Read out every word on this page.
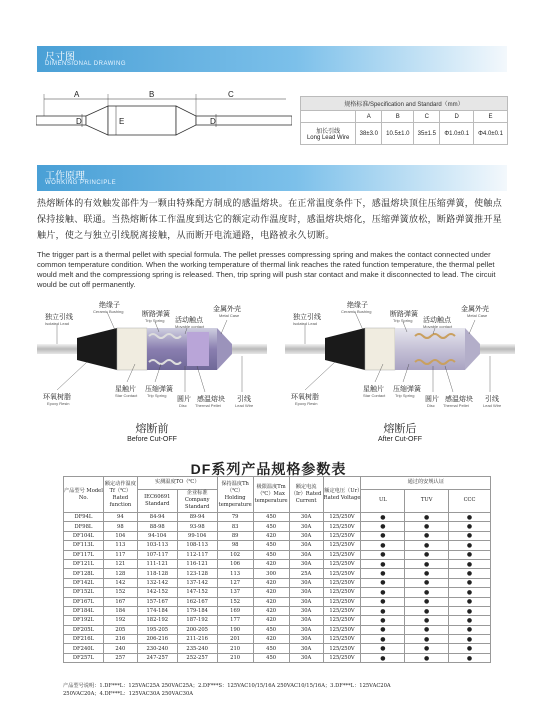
尺寸图
DIMENSIONAL DRAWING
A	B	C
D	D
E
规格标准/Specification and Standard（mm）
	A	B	C	D	E

加长引线
Long Lead Wire	38±3.0	10.5±1.0	35±1.5	Φ1.0±0.1	Φ4.0±0.1
工作原理
WORKING PRINCIPLE

热熔断体的有效触发部件为一颗由特殊配方制成的感温熔块。在正常温度条件下，感温熔块顶住压缩弹簧，使触点保持接触、联通。当热熔断体工作温度到达它的额定动作温度时，感温熔块熔化，压缩弹簧放松，断路弹簧推开星触片，使之与独立引线脱离接触，从而断开电流通路，电路被永久切断。

The trigger part is a thermal pellet with special formula. The pellet presses compressing spring and makes the contact connected under common temperature condition. When the working temperature of thermal link reaches the rated function temperature, the thermal pellet would melt and the compressiong spring is released. Then, trip spring will push star contact and make it disconnected to lead. The circuit would be cut off permanently.

独立引线
Isolated Lead
绝缘子
Ceramic Bushing	断路弹簧
Trip Spring 活动触点
Movable contact
金属外壳
Metal Case
环氧树脂
Epoxy Resin
星触片
Star Contact
压缩弹簧
Trip Spring
圆片
Disc
感温熔块
Thermal Pellet
引线
Lead Wire
熔断前
Before Cut-OFF
独立引线
Isolated Lead
绝缘子
Ceramic Bushing	断路弹簧
Trip Spring 活动触点
Movable contact
金属外壳
Metal Case
环氧树脂
Epoxy Resin
星触片
Star Contact
压缩弹簧
Trip Spring
圆片
Disc
感温熔块
Thermal Pellet
引线
Lead Wire
熔断后
After Cut-OFF
DF系列产品规格参数表
产品型号 Model No.	额定动作温度Tf（℃）Rated function	实测温度TO（℃）		保持温度Th（℃）Holding temperature	极限温度Tm（℃）Max temperature	额定电流（Ir）Rated Current	额定电压（Ur）Rated Voltage	通过的安规认证		
		IEC60691 Standard	企业标准 Company Standard					UL	TUV	CCC
DF94L	94	84-94	89-94	79	450	30A	125/250V	●	●	●
DF98L	98	88-98	93-98	83	450	30A	125/250V	●	●	●
DF104L	104	94-104	99-104	89	420	30A	125/250V	●	●	●
DF113L	113	103-113	108-113	98	450	30A	125/250V	●	●	●
DF117L	117	107-117	112-117	102	450	30A	125/250V	●	●	●
DF121L	121	111-121	116-121	106	420	30A	125/250V	●	●	●
DF128L	128	118-128	123-128	113	300	25A	125/250V	●	●	●
DF142L	142	132-142	137-142	127	420	30A	125/250V	●	●	●
DF152L	152	142-152	147-152	137	420	30A	125/250V	●	●	●
DF167L	167	157-167	162-167	152	420	30A	125/250V	●	●	●
DF184L	184	174-184	179-184	169	420	30A	125/250V	●	●	●
DF192L	192	182-192	187-192	177	420	30A	125/250V	●	●	●
DF205L	205	195-205	200-205	190	450	30A	125/250V	●	●	●
DF216L	216	206-216	211-216	201	420	30A	125/250V	●	●	●
DF240L	240	230-240	235-240	210	450	30A	125/250V	●	●	●
DF257L	257	247-257	252-257	210	450	30A	125/250V	●	●	●
产品型号说明：1.DF***L：125VAC25A 250VAC25A；2.DF***S：125VAC10/15/16A 250VAC10/15/16A；3.DF***L：125VAC20A
250VAC20A；4.DF***L：125VAC30A 250VAC30A
